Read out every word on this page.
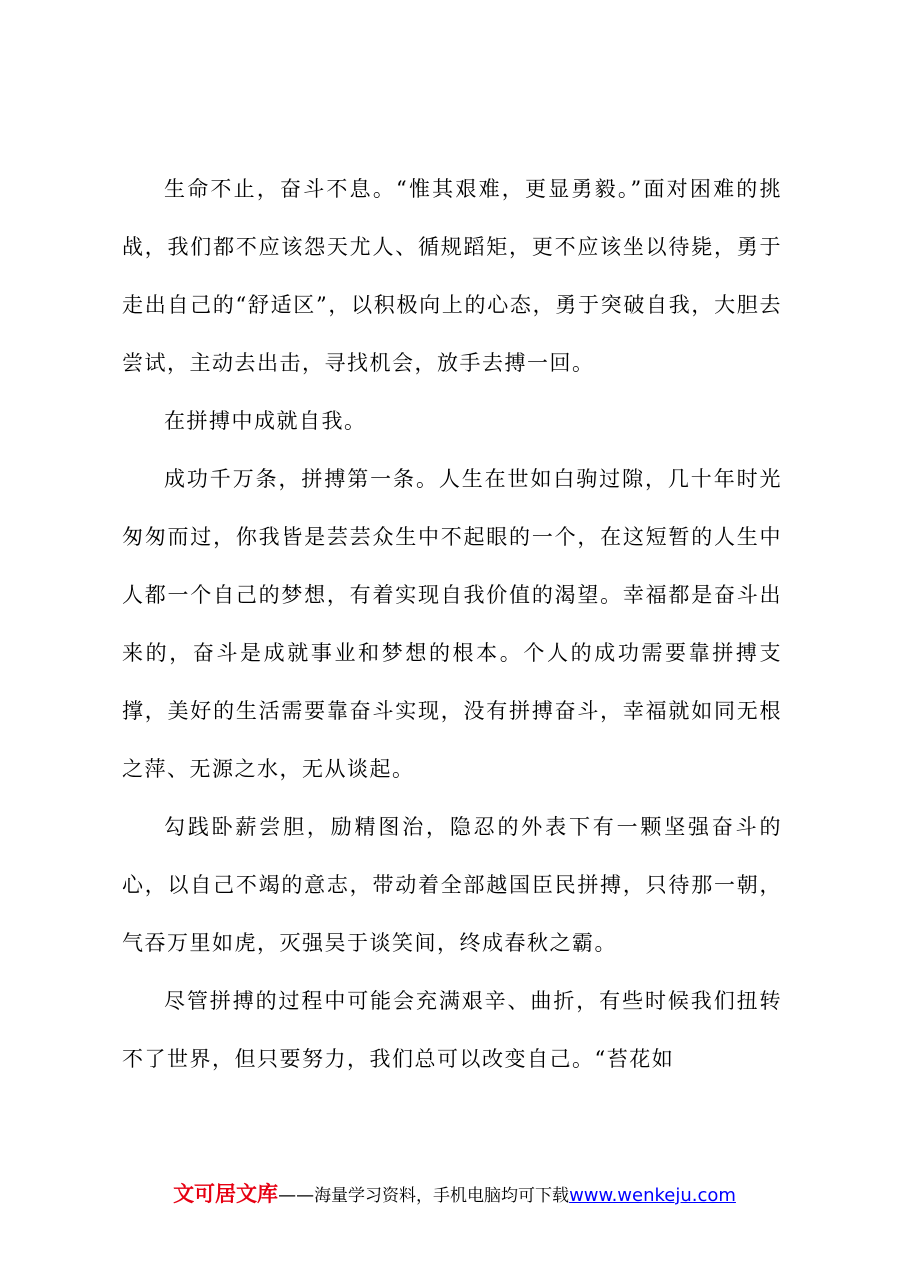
生命不止，奋斗不息。“惟其艰难，更显勇毅。”面对困难的挑战，我们都不应该怨天尤人、循规蹈矩，更不应该坐以待毙，勇于走出自己的“舒适区”，以积极向上的心态，勇于突破自我，大胆去尝试，主动去出击，寻找机会，放手去搏一回。

在拼搏中成就自我。

成功千万条，拼搏第一条。人生在世如白驹过隙，几十年时光匆匆而过，你我皆是芸芸众生中不起眼的一个，在这短暂的人生中人都一个自己的梦想，有着实现自我价值的渴望。幸福都是奋斗出来的，奋斗是成就事业和梦想的根本。个人的成功需要靠拼搏支撑，美好的生活需要靠奋斗实现，没有拼搏奋斗，幸福就如同无根之萍、无源之水，无从谈起。

勾践卧薪尝胆，励精图治，隐忍的外表下有一颗坚强奋斗的心，以自己不竭的意志，带动着全部越国臣民拼搏，只待那一朝，气吞万里如虎，灭强吴于谈笑间，终成春秋之霸。

尽管拼搏的过程中可能会充满艰辛、曲折，有些时候我们扭转不了世界，但只要努力，我们总可以改变自己。“苔花如

文可居文库——海量学习资料，手机电脑均可下载www.wenkeju.com
